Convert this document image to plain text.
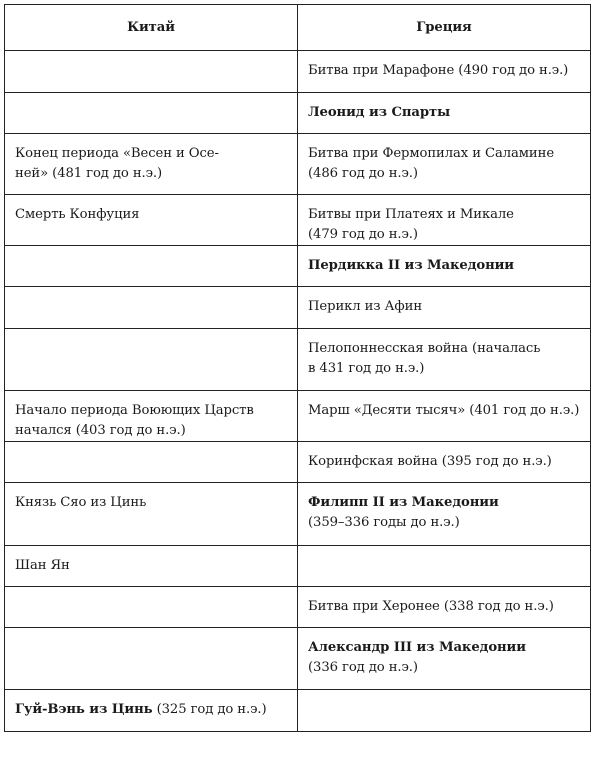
Китай	Греция

	Битва при Марафоне (490 год до н.э.)

	Леонид из Спарты

Конец периода «Весен и Осе-
ней» (481 год до н.э.)	Битва при Фермопилах и Саламине
(486 год до н.э.)

Смерть Конфуция	Битвы при Платеях и Микале
(479 год до н.э.)

	Пердикка II из Македонии

	Перикл из Афин

	Пелопоннесская война (началась
в 431 год до н.э.)

Начало периода Воюющих Царств
начался (403 год до н.э.)	Марш «Десяти тысяч» (401 год до н.э.)

	Коринфская война (395 год до н.э.)

Князь Сяо из Цинь	Филипп II из Македонии
(359–336 годы до н.э.)

Шан Ян	

	Битва при Херонее (338 год до н.э.)

	Александр III из Македонии
(336 год до н.э.)

Гуй-Вэнь из Цинь (325 год до н.э.)	
